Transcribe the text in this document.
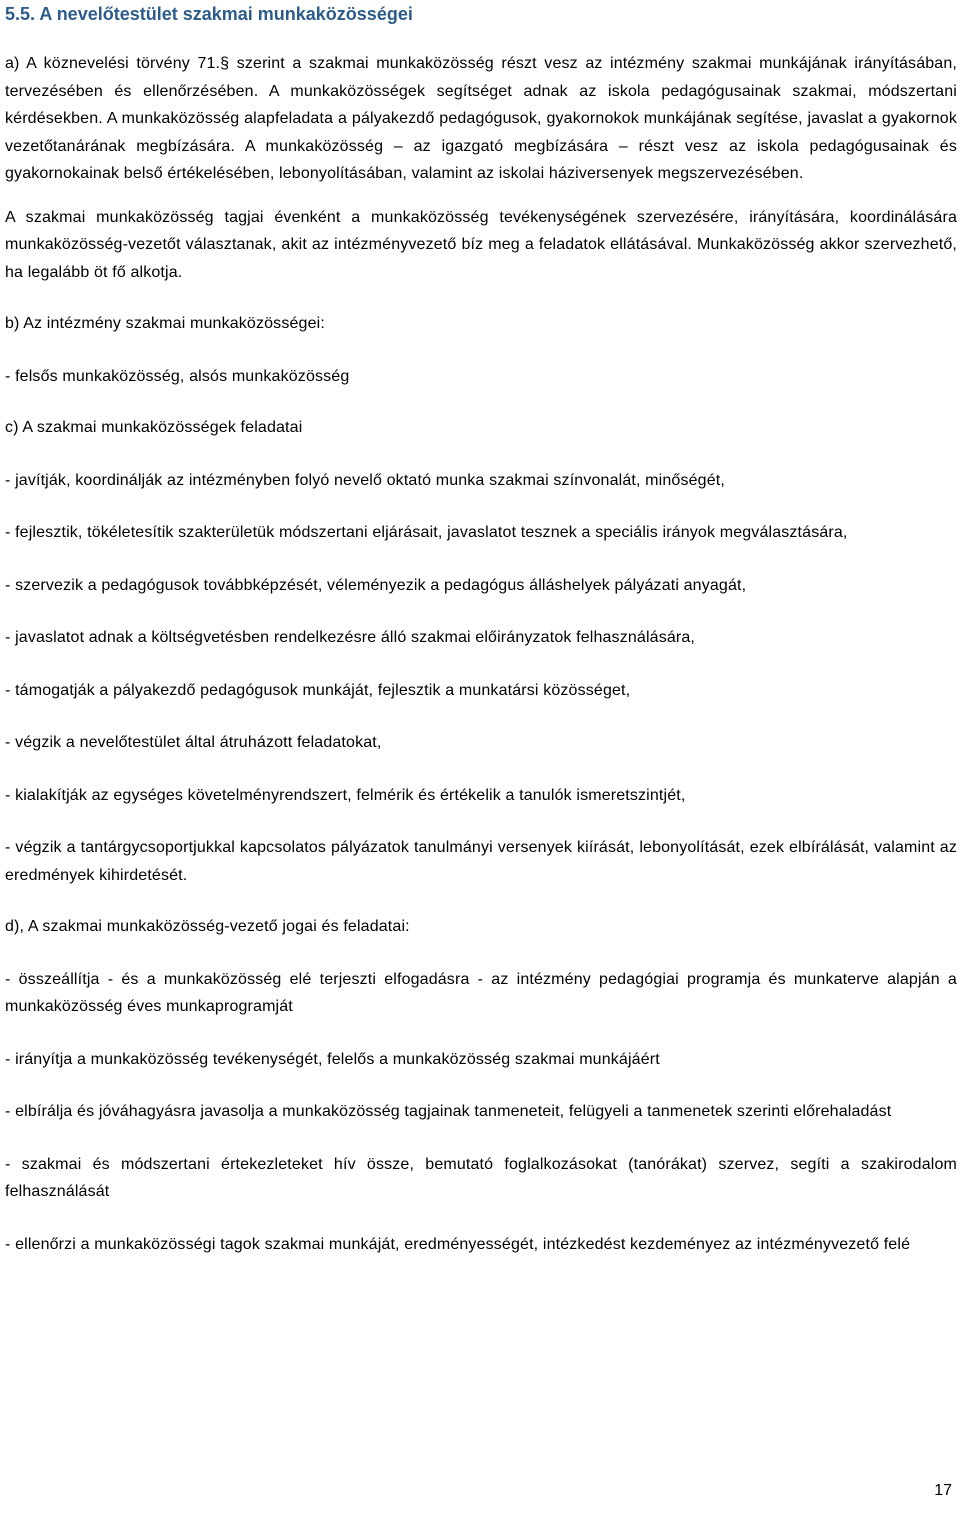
5.5. A nevelőtestület szakmai munkaközösségei

a) A köznevelési törvény 71.§ szerint a szakmai munkaközösség részt vesz az intézmény szakmai munkájának irányításában, tervezésében és ellenőrzésében. A munkaközösségek segítséget adnak az iskola pedagógusainak szakmai, módszertani kérdésekben. A munkaközösség alapfeladata a pályakezdő pedagógusok, gyakornokok munkájának segítése, javaslat a gyakornok vezetőtanárának megbízására. A munkaközösség – az igazgató megbízására – részt vesz az iskola pedagógusainak és gyakornokainak belső értékelésében, lebonyolításában, valamint az iskolai háziversenyek megszervezésében.

A szakmai munkaközösség tagjai évenként a munkaközösség tevékenységének szervezésére, irányítására, koordinálására munkaközösség-vezetőt választanak, akit az intézményvezető bíz meg a feladatok ellátásával. Munkaközösség akkor szervezhető, ha legalább öt fő alkotja.

b) Az intézmény szakmai munkaközösségei:

- felsős munkaközösség, alsós munkaközösség

c) A szakmai munkaközösségek feladatai

- javítják, koordinálják az intézményben folyó nevelő oktató munka szakmai színvonalát, minőségét,

- fejlesztik, tökéletesítik szakterületük módszertani eljárásait, javaslatot tesznek a speciális irányok megválasztására,

- szervezik a pedagógusok továbbképzését, véleményezik a pedagógus álláshelyek pályázati anyagát,

- javaslatot adnak a költségvetésben rendelkezésre álló szakmai előirányzatok felhasználására,

- támogatják a pályakezdő pedagógusok munkáját, fejlesztik a munkatársi közösséget,

- végzik a nevelőtestület által átruházott feladatokat,

- kialakítják az egységes követelményrendszert, felmérik és értékelik a tanulók ismeretszintjét,

- végzik a tantárgycsoportjukkal kapcsolatos pályázatok tanulmányi versenyek kiírását, lebonyolítását, ezek elbírálását, valamint az eredmények kihirdetését.

d), A szakmai munkaközösség-vezető jogai és feladatai:

- összeállítja - és a munkaközösség elé terjeszti elfogadásra - az intézmény pedagógiai programja és munkaterve alapján a munkaközösség éves munkaprogramját

- irányítja a munkaközösség tevékenységét, felelős a munkaközösség szakmai munkájáért

- elbírálja és jóváhagyásra javasolja a munkaközösség tagjainak tanmeneteit, felügyeli a tanmenetek szerinti előrehaladást

- szakmai és módszertani értekezleteket hív össze, bemutató foglalkozásokat (tanórákat) szervez, segíti a szakirodalom felhasználását

- ellenőrzi a munkaközösségi tagok szakmai munkáját, eredményességét, intézkedést kezdeményez az intézményvezető felé

17
